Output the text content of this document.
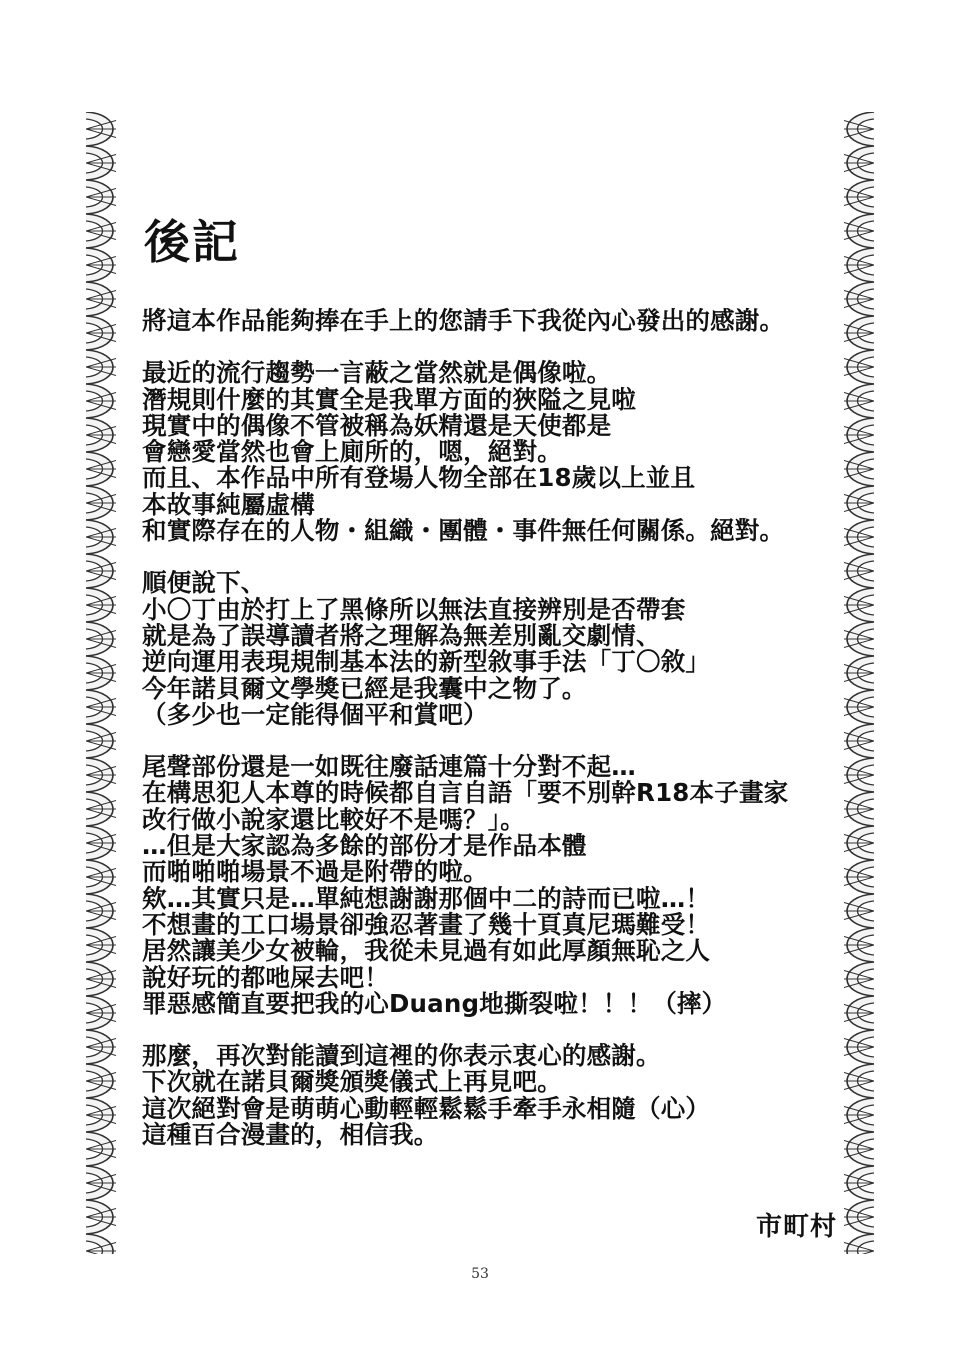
後記
將這本作品能夠捧在手上的您請手下我從內心發出的感謝。
最近的流行趨勢一言蔽之當然就是偶像啦。
潛規則什麼的其實全是我單方面的狹隘之見啦
現實中的偶像不管被稱為妖精還是天使都是
會戀愛當然也會上廁所的，嗯，絕對。
而且、本作品中所有登場人物全部在18歲以上並且
本故事純屬虛構
和實際存在的人物・組織・團體・事件無任何關係。絕對。
順便說下、
小〇丁由於打上了黑條所以無法直接辨別是否帶套
就是為了誤導讀者將之理解為無差別亂交劇情、
逆向運用表現規制基本法的新型敘事手法「丁〇敘」
今年諾貝爾文學獎已經是我囊中之物了。
（多少也一定能得個平和賞吧）
尾聲部份還是一如既往廢話連篇十分對不起…
在構思犯人本尊的時候都自言自語「要不別幹R18本子畫家
改行做小說家還比較好不是嗎？」。
…但是大家認為多餘的部份才是作品本體
而啪啪啪場景不過是附帶的啦。
欸…其實只是…單純想謝謝那個中二的詩而已啦…！
不想畫的工口場景卻強忍著畫了幾十頁真尼瑪難受！
居然讓美少女被輪，我從未見過有如此厚顏無恥之人
說好玩的都吔屎去吧！
罪惡感簡直要把我的心Duang地撕裂啦！！！（摔）
那麼，再次對能讀到這裡的你表示衷心的感謝。
下次就在諾貝爾獎頒獎儀式上再見吧。
這次絕對會是萌萌心動輕輕鬆鬆手牽手永相隨（心）
這種百合漫畫的，相信我。
市町村
53
